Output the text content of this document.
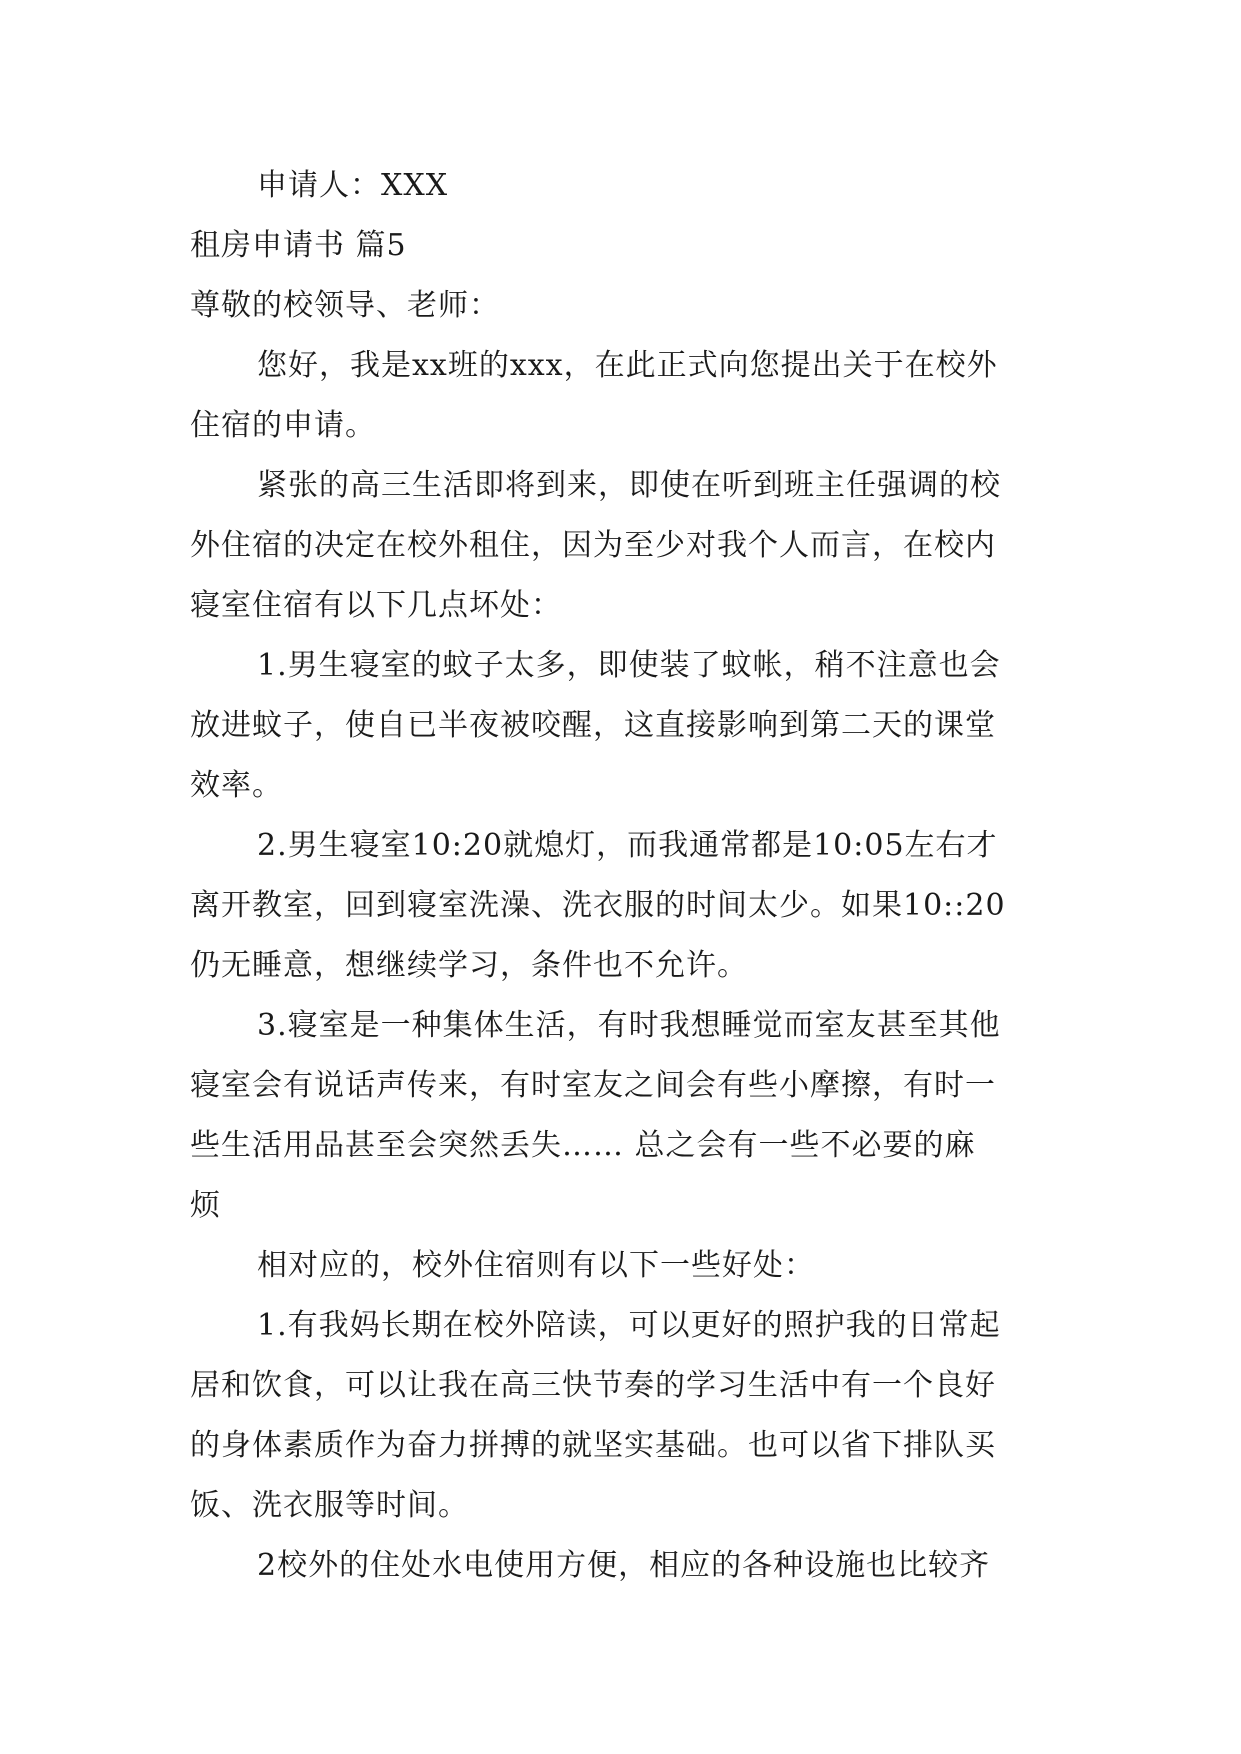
申请人：XXX
租房申请书 篇5
尊敬的校领导、老师：
您好，我是xx班的xxx，在此正式向您提出关于在校外
住宿的申请。
紧张的高三生活即将到来，即使在听到班主任强调的校
外住宿的决定在校外租住，因为至少对我个人而言，在校内
寝室住宿有以下几点坏处：
1.男生寝室的蚊子太多，即使装了蚊帐，稍不注意也会
放进蚊子，使自已半夜被咬醒，这直接影响到第二天的课堂
效率。
2.男生寝室10:20就熄灯，而我通常都是10:05左右才
离开教室，回到寝室洗澡、洗衣服的时间太少。如果10::20
仍无睡意，想继续学习，条件也不允许。
3.寝室是一种集体生活，有时我想睡觉而室友甚至其他
寝室会有说话声传来，有时室友之间会有些小摩擦，有时一
些生活用品甚至会突然丢失…… 总之会有一些不必要的麻
烦
相对应的，校外住宿则有以下一些好处：
1.有我妈长期在校外陪读，可以更好的照护我的日常起
居和饮食，可以让我在高三快节奏的学习生活中有一个良好
的身体素质作为奋力拼搏的就坚实基础。也可以省下排队买
饭、洗衣服等时间。
2校外的住处水电使用方便，相应的各种设施也比较齐
